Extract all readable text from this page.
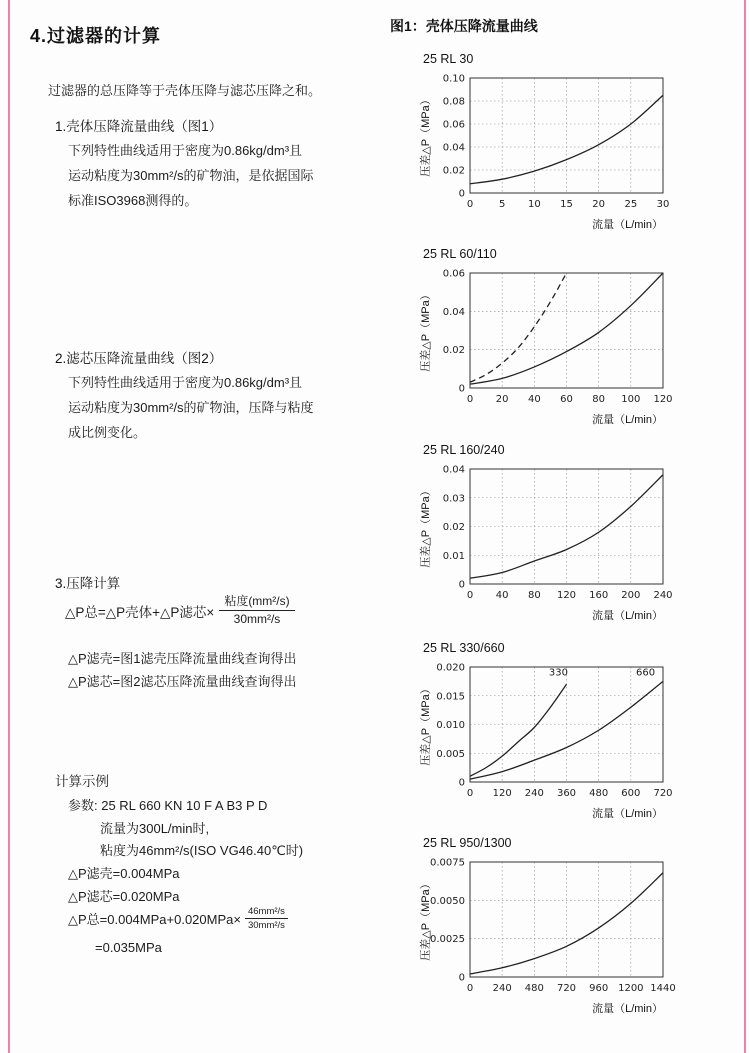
4.过滤器的计算
过滤器的总压降等于壳体压降与滤芯压降之和。
1.壳体压降流量曲线（图1）
下列特性曲线适用于密度为0.86kg/dm³且
运动粘度为30mm²/s的矿物油，是依据国际
标准ISO3968测得的。
2.滤芯压降流量曲线（图2）
下列特性曲线适用于密度为0.86kg/dm³且
运动粘度为30mm²/s的矿物油，压降与粘度
成比例变化。
3.压降计算
△P总=△P壳体+△P滤芯× $\frac{\text{粘度(mm²/s)}}{\text{30mm²/s}}$
△P滤壳=图1滤壳压降流量曲线查询得出
△P滤芯=图2滤芯压降流量曲线查询得出
计算示例
参数: 25 RL 660 KN 10 F A B3 P D
流量为300L/min时,
粘度为46mm²/s(ISO VG46.40℃时)
△P滤壳=0.004MPa
△P滤芯=0.020MPa
△P总$=0.004MPa+0.020MPa\times \frac{\text{46mm²/s}}{\text{30mm²/s}}$
=0.035MPa
图1：壳体压降流量曲线
25 RL 30
0	5 10 15 20 25 30
0
0.02
0.04
0.06
0.08
0.10
压差△P（MPa）
流量（L/min）
25 RL 60/110
0 20 40 60 80 100 120
0
0.02
0.04
0.06
压差△P（MPa）
流量（L/min）
25 RL 160/240
0 40 80 120 160 200 240
0
0.01
0.02
0.03
0.04
压差△P（MPa）
流量（L/min）
25 RL 330/660
0 120 240 360 480 600 720
0
0.005
0.010
0.015
0.020
压差△P（MPa）
流量（L/min）
330	660
25 RL 950/1300
0 240 480 720 960 1200 1440
0
0.0025
0.0050
0.0075
压差△P（MPa）
流量（L/min）
